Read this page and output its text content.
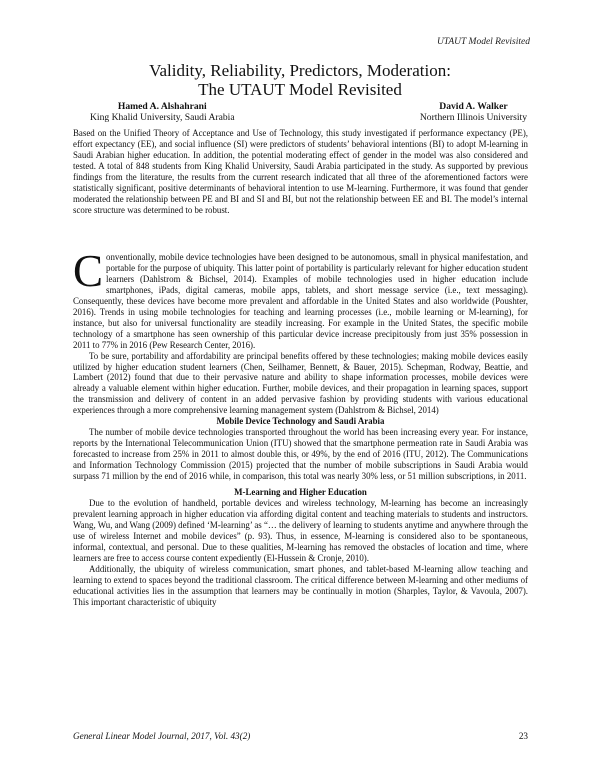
UTAUT Model Revisited
Validity, Reliability, Predictors, Moderation:
The UTAUT Model Revisited
Hamed A. Alshahrani
King Khalid University, Saudi Arabia
David A. Walker
Northern Illinois University
Based on the Unified Theory of Acceptance and Use of Technology, this study investigated if performance expectancy (PE), effort expectancy (EE), and social influence (SI) were predictors of students’ behavioral intentions (BI) to adopt M-learning in Saudi Arabian higher education. In addition, the potential moderating effect of gender in the model was also considered and tested. A total of 848 students from King Khalid University, Saudi Arabia participated in the study. As supported by previous findings from the literature, the results from the current research indicated that all three of the aforementioned factors were statistically significant, positive determinants of behavioral intention to use M-learning. Furthermore, it was found that gender moderated the relationship between PE and BI and SI and BI, but not the relationship between EE and BI. The model’s internal score structure was determined to be robust.

Conventionally, mobile device technologies have been designed to be autonomous, small in physical manifestation, and portable for the purpose of ubiquity. This latter point of portability is particularly relevant for higher education student learners (Dahlstrom & Bichsel, 2014). Examples of mobile technologies used in higher education include smartphones, iPads, digital cameras, mobile apps, tablets, and short message service (i.e., text messaging). Consequently, these devices have become more prevalent and affordable in the United States and also worldwide (Poushter, 2016). Trends in using mobile technologies for teaching and learning processes (i.e., mobile learning or M-learning), for instance, but also for universal functionality are steadily increasing. For example in the United States, the specific mobile technology of a smartphone has seen ownership of this particular device increase precipitously from just 35% possession in 2011 to 77% in 2016 (Pew Research Center, 2016).

To be sure, portability and affordability are principal benefits offered by these technologies; making mobile devices easily utilized by higher education student learners (Chen, Seilhamer, Bennett, & Bauer, 2015). Schepman, Rodway, Beattie, and Lambert (2012) found that due to their pervasive nature and ability to shape information processes, mobile devices were already a valuable element within higher education. Further, mobile devices, and their propagation in learning spaces, support the transmission and delivery of content in an added pervasive fashion by providing students with various educational experiences through a more comprehensive learning management system (Dahlstrom & Bichsel, 2014)

Mobile Device Technology and Saudi Arabia

The number of mobile device technologies transported throughout the world has been increasing every year. For instance, reports by the International Telecommunication Union (ITU) showed that the smartphone permeation rate in Saudi Arabia was forecasted to increase from 25% in 2011 to almost double this, or 49%, by the end of 2016 (ITU, 2012). The Communications and Information Technology Commission (2015) projected that the number of mobile subscriptions in Saudi Arabia would surpass 71 million by the end of 2016 while, in comparison, this total was nearly 30% less, or 51 million subscriptions, in 2011.

M-Learning and Higher Education

Due to the evolution of handheld, portable devices and wireless technology, M-learning has become an increasingly prevalent learning approach in higher education via affording digital content and teaching materials to students and instructors. Wang, Wu, and Wang (2009) defined ‘M-learning’ as “… the delivery of learning to students anytime and anywhere through the use of wireless Internet and mobile devices” (p. 93). Thus, in essence, M-learning is considered also to be spontaneous, informal, contextual, and personal. Due to these qualities, M-learning has removed the obstacles of location and time, where learners are free to access course content expediently (El-Hussein & Cronje, 2010).

Additionally, the ubiquity of wireless communication, smart phones, and tablet-based M-learning allow teaching and learning to extend to spaces beyond the traditional classroom. The critical difference between M-learning and other mediums of educational activities lies in the assumption that learners may be continually in motion (Sharples, Taylor, & Vavoula, 2007). This important characteristic of ubiquity

General Linear Model Journal, 2017, Vol. 43(2)	23
